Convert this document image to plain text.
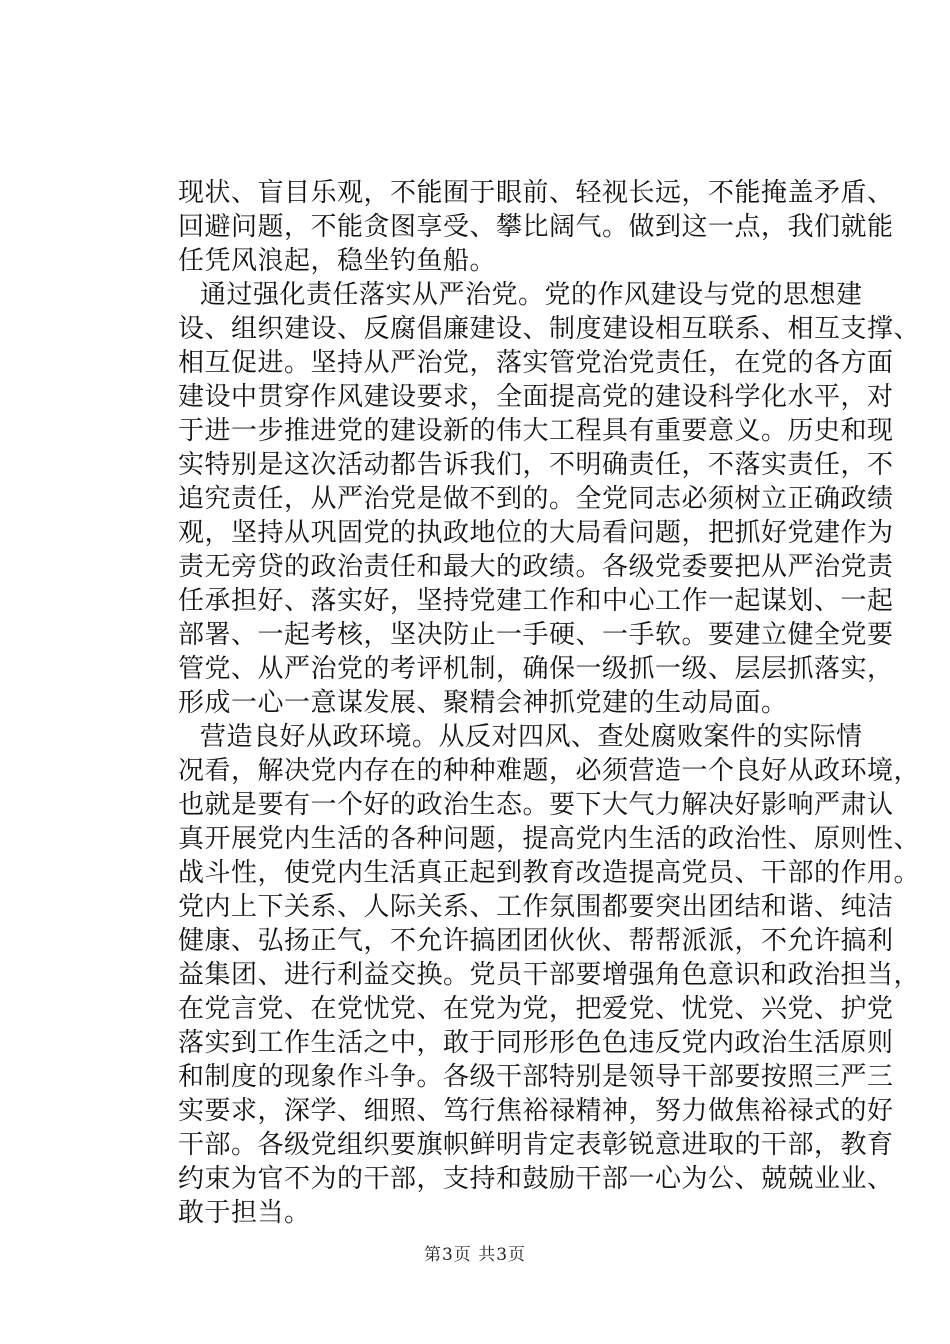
现状、盲目乐观，不能囿于眼前、轻视长远，不能掩盖矛盾、
回避问题，不能贪图享受、攀比阔气。做到这一点，我们就能
任凭风浪起，稳坐钓鱼船。
通过强化责任落实从严治党。党的作风建设与党的思想建
设、组织建设、反腐倡廉建设、制度建设相互联系、相互支撑、
相互促进。坚持从严治党，落实管党治党责任，在党的各方面
建设中贯穿作风建设要求，全面提高党的建设科学化水平，对
于进一步推进党的建设新的伟大工程具有重要意义。历史和现
实特别是这次活动都告诉我们，不明确责任，不落实责任，不
追究责任，从严治党是做不到的。全党同志必须树立正确政绩
观，坚持从巩固党的执政地位的大局看问题，把抓好党建作为
责无旁贷的政治责任和最大的政绩。各级党委要把从严治党责
任承担好、落实好，坚持党建工作和中心工作一起谋划、一起
部署、一起考核，坚决防止一手硬、一手软。要建立健全党要
管党、从严治党的考评机制，确保一级抓一级、层层抓落实，
形成一心一意谋发展、聚精会神抓党建的生动局面。
营造良好从政环境。从反对四风、查处腐败案件的实际情
况看，解决党内存在的种种难题，必须营造一个良好从政环境，
也就是要有一个好的政治生态。要下大气力解决好影响严肃认
真开展党内生活的各种问题，提高党内生活的政治性、原则性、
战斗性，使党内生活真正起到教育改造提高党员、干部的作用。
党内上下关系、人际关系、工作氛围都要突出团结和谐、纯洁
健康、弘扬正气，不允许搞团团伙伙、帮帮派派，不允许搞利
益集团、进行利益交换。党员干部要增强角色意识和政治担当，
在党言党、在党忧党、在党为党，把爱党、忧党、兴党、护党
落实到工作生活之中，敢于同形形色色违反党内政治生活原则
和制度的现象作斗争。各级干部特别是领导干部要按照三严三
实要求，深学、细照、笃行焦裕禄精神，努力做焦裕禄式的好
干部。各级党组织要旗帜鲜明肯定表彰锐意进取的干部，教育
约束为官不为的干部，支持和鼓励干部一心为公、兢兢业业、
敢于担当。
第3页 共3页
